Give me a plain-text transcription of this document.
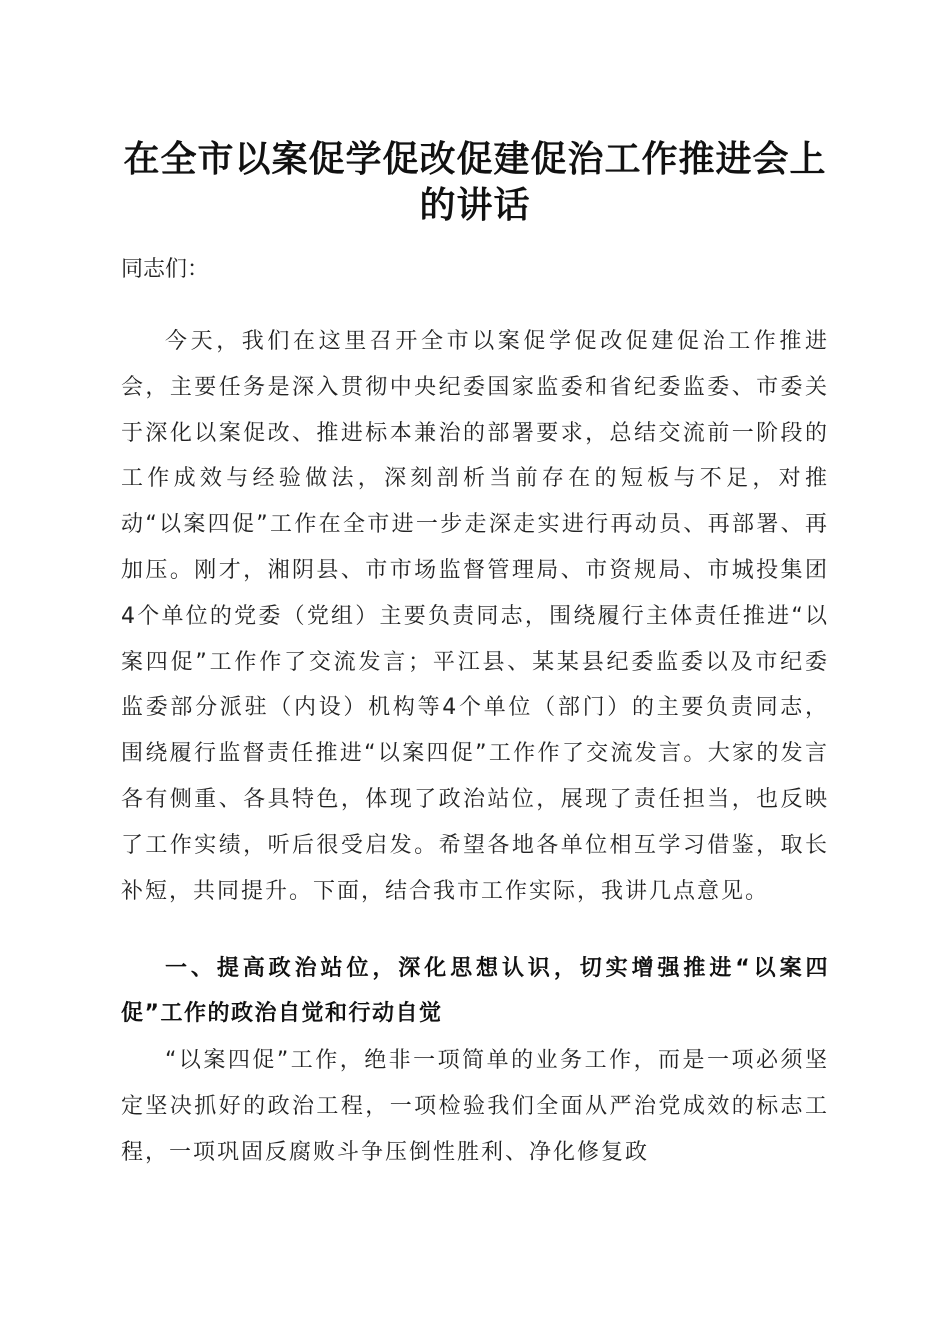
在全市以案促学促改促建促治工作推进会上的讲话

同志们：

今天，我们在这里召开全市以案促学促改促建促治工作推进会，主要任务是深入贯彻中央纪委国家监委和省纪委监委、市委关于深化以案促改、推进标本兼治的部署要求，总结交流前一阶段的工作成效与经验做法，深刻剖析当前存在的短板与不足，对推动“以案四促”工作在全市进一步走深走实进行再动员、再部署、再加压。刚才，湘阴县、市市场监督管理局、市资规局、市城投集团4个单位的党委（党组）主要负责同志，围绕履行主体责任推进“以案四促”工作作了交流发言；平江县、某某县纪委监委以及市纪委监委部分派驻（内设）机构等4个单位（部门）的主要负责同志，围绕履行监督责任推进“以案四促”工作作了交流发言。大家的发言各有侧重、各具特色，体现了政治站位，展现了责任担当，也反映了工作实绩，听后很受启发。希望各地各单位相互学习借鉴，取长补短，共同提升。下面，结合我市工作实际，我讲几点意见。

一、提高政治站位，深化思想认识，切实增强推进“以案四促”工作的政治自觉和行动自觉

“以案四促”工作，绝非一项简单的业务工作，而是一项必须坚定坚决抓好的政治工程，一项检验我们全面从严治党成效的标志工程，一项巩固反腐败斗争压倒性胜利、净化修复政
